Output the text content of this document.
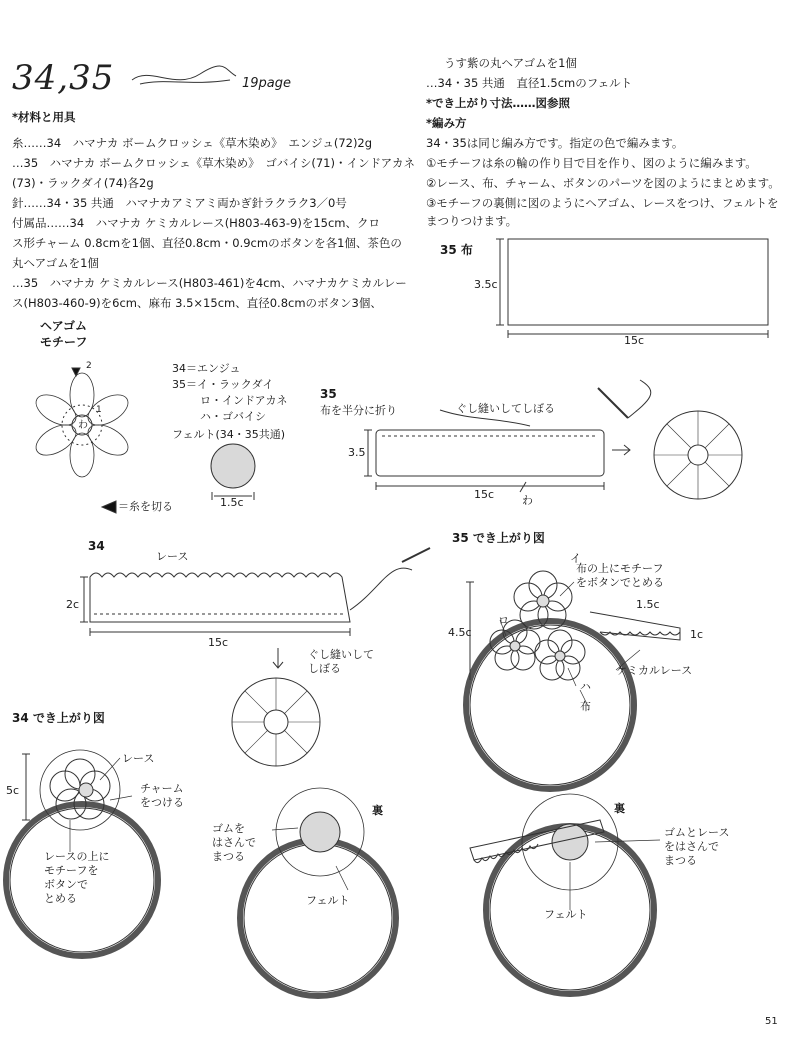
34,35	19page
*材料と用具
糸……34　ハマナカ ボームクロッシェ《草木染め》　エンジュ(72)2g
…35　ハマナカ ボームクロッシェ《草木染め》　ゴバイシ(71)・インドアカネ
(73)・ラックダイ(74)各2g
針……34・35 共通　ハマナカアミアミ両かぎ針ラクラク3／0号
付属品……34　ハマナカ ケミカルレース(H803-463-9)を15cm、クロ
ス形チャーム 0.8cmを1個、直径0.8cm・0.9cmのボタンを各1個、茶色の
丸ヘアゴムを1個
…35　ハマナカ ケミカルレース(H803-461)を4cm、ハマナカケミカルレー
ス(H803-460-9)を6cm、麻布 3.5×15cm、直径0.8cmのボタン3個、
うす紫の丸ヘアゴムを1個
…34・35 共通　直径1.5cmのフェルト
*でき上がり寸法……図参照
*編み方
34・35は同じ編み方です。指定の色で編みます。
①モチーフは糸の輪の作り目で目を作り、図のように編みます。
②レース、布、チャーム、ボタンのパーツを図のようにまとめます。
③モチーフの裏側に図のようにヘアゴム、レースをつけ、フェルトを
まつりつけます。
ヘアゴム
モチーフ
2
1
わ
＝糸を切る
34＝エンジュ
35＝イ・ラックダイ
ロ・インドアカネ
ハ・ゴバイシ
フェルト(34・35共通)
1.5c
35 布
3.5c
15c
35
布を半分に折り	ぐし縫いしてしぼる
3.5
15c	わ
34
レース
2c
15c
ぐし縫いして
しぼる
35 でき上がり図
イ
布の上にモチーフ
をボタンでとめる
1.5c
1c
4.5c
ロ
ケミカルレース
ハ
布
34 でき上がり図
レース
チャーム
をつける
5c
レースの上に
モチーフを
ボタンで
とめる
裏
ゴムを
はさんで
まつる
フェルト
裏
ゴムとレース
をはさんで
まつる
フェルト
51
